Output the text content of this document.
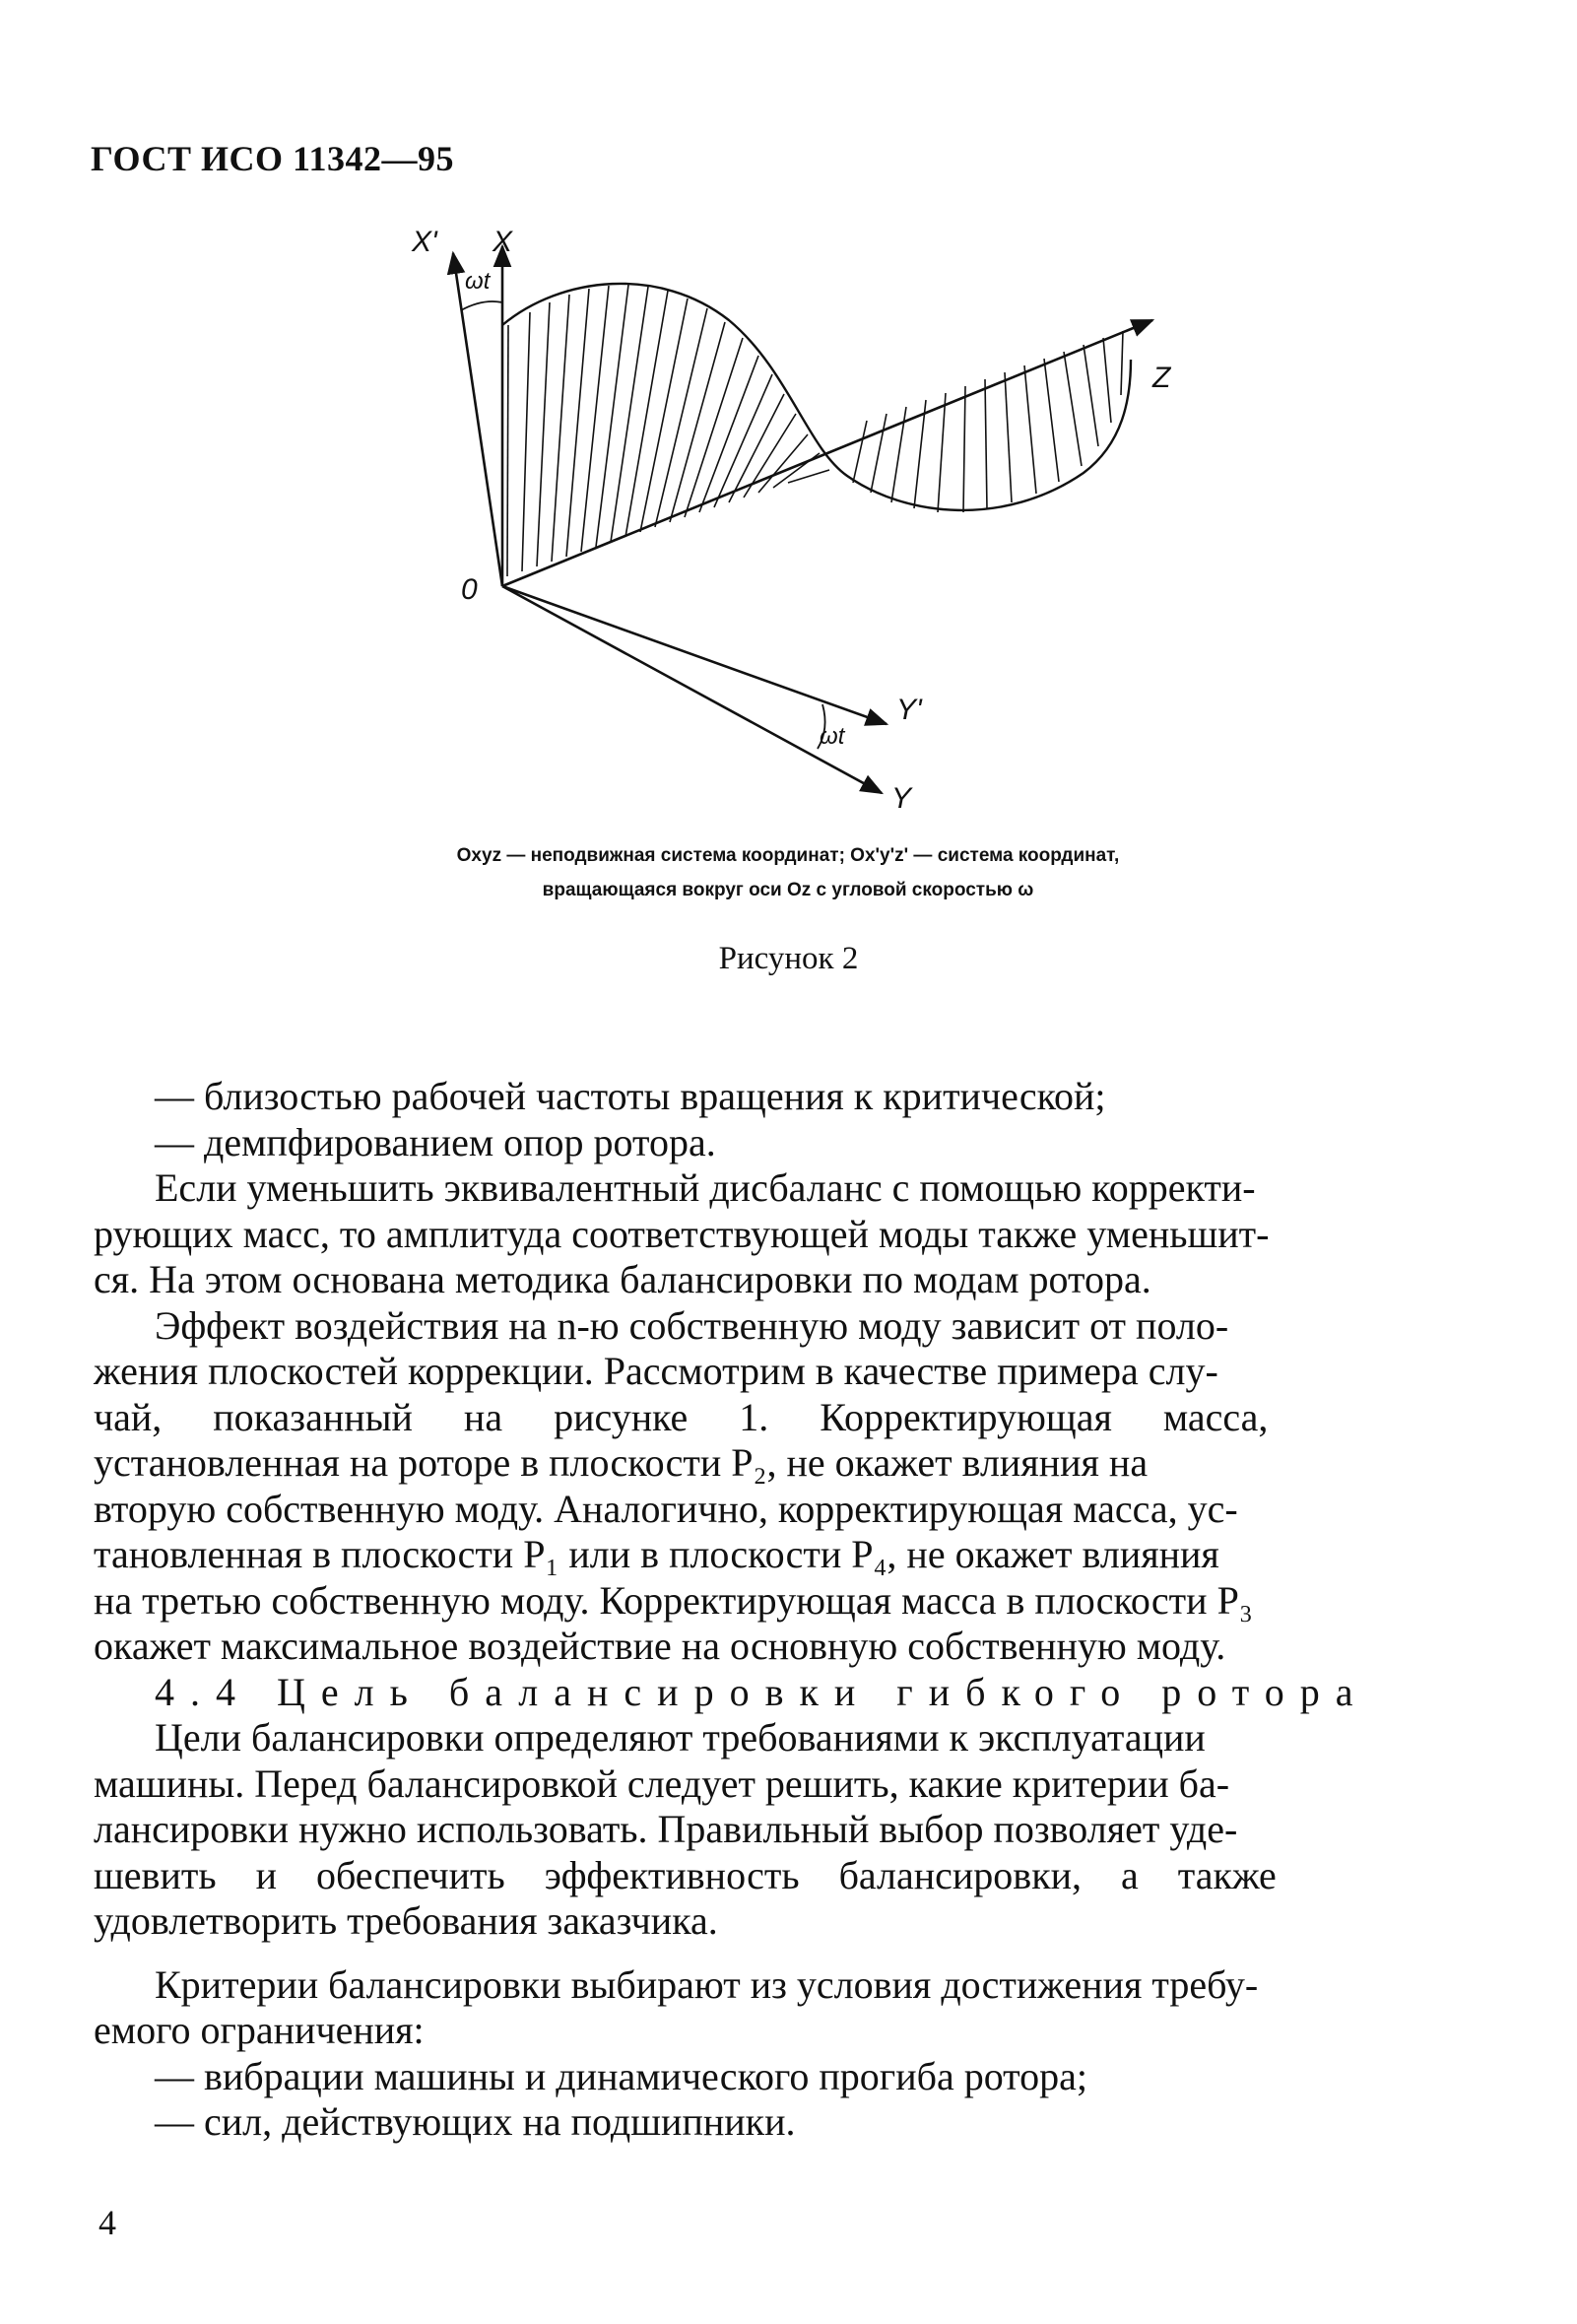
ГОСТ ИСО 11342—95
X' X
ωt
Z
0
Y'
ωt
Y
Oxyz — неподвижная система координат; Ox'y'z' — система координат,
вращающаяся вокруг оси Oz с угловой скоростью ω
Рисунок 2
— близостью рабочей частоты вращения к критической;
— демпфированием опор ротора.
Если уменьшить эквивалентный дисбаланс с помощью корректи-
рующих масс, то амплитуда соответствующей моды также уменьшит-
ся. На этом основана методика балансировки по модам ротора.
Эффект воздействия на n-ю собственную моду зависит от поло-
жения плоскостей коррекции. Рассмотрим в качестве примера слу-
чай, показанный на рисунке 1. Корректирующая масса,
установленная на роторе в плоскости P₂, не окажет влияния на
вторую собственную моду. Аналогично, корректирующая масса, ус-
тановленная в плоскости P₁ или в плоскости P₄, не окажет влияния
на третью собственную моду. Корректирующая масса в плоскости P₃
окажет максимальное воздействие на основную собственную моду.
4.4 Цель балансировки гибкого ротора
Цели балансировки определяют требованиями к эксплуатации
машины. Перед балансировкой следует решить, какие критерии ба-
лансировки нужно использовать. Правильный выбор позволяет уде-
шевить и обеспечить эффективность балансировки, а также
удовлетворить требования заказчика.
Критерии балансировки выбирают из условия достижения требу-
емого ограничения:
— вибрации машины и динамического прогиба ротора;
— сил, действующих на подшипники.
4
